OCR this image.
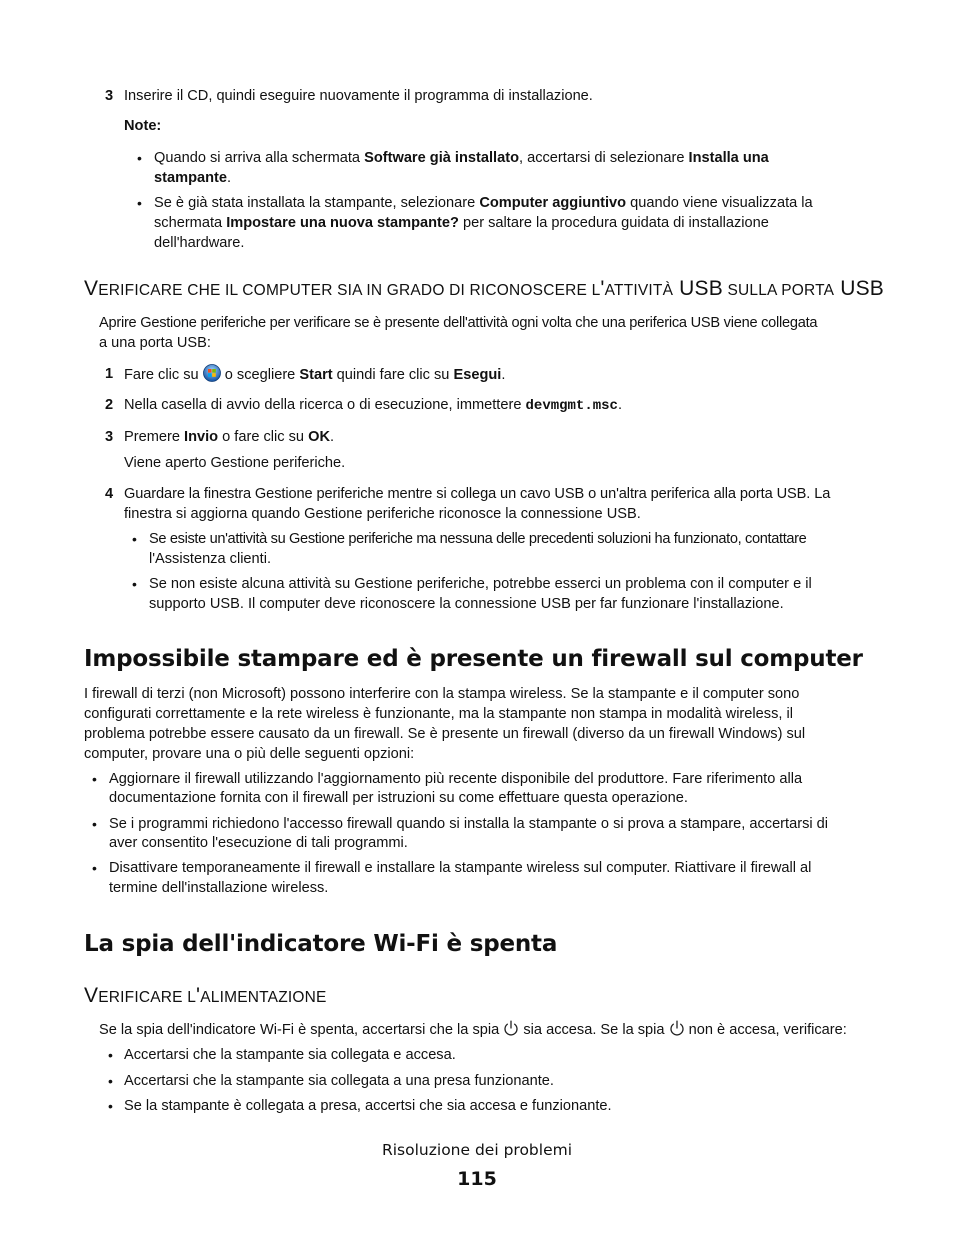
3 Inserire il CD, quindi eseguire nuovamente il programma di installazione.
Note:
• Quando si arriva alla schermata Software già installato, accertarsi di selezionare Installa una
stampante.
• Se è già stata installata la stampante, selezionare Computer aggiuntivo quando viene visualizzata la
schermata Impostare una nuova stampante? per saltare la procedura guidata di installazione
dell'hardware.
VERIFICARE CHE IL COMPUTER SIA IN GRADO DI RICONOSCERE L'ATTIVITÀ USB SULLA PORTA USB
Aprire Gestione periferiche per verificare se è presente dell'attività ogni volta che una periferica USB viene collegata
a una porta USB:
1 Fare clic su  o scegliere Start quindi fare clic su Esegui.
2 Nella casella di avvio della ricerca o di esecuzione, immettere devmgmt.msc.
3 Premere Invio o fare clic su OK.
Viene aperto Gestione periferiche.
4 Guardare la finestra Gestione periferiche mentre si collega un cavo USB o un'altra periferica alla porta USB. La
finestra si aggiorna quando Gestione periferiche riconosce la connessione USB.
• Se esiste un'attività su Gestione periferiche ma nessuna delle precedenti soluzioni ha funzionato, contattare
l'Assistenza clienti.
• Se non esiste alcuna attività su Gestione periferiche, potrebbe esserci un problema con il computer e il
supporto USB. Il computer deve riconoscere la connessione USB per far funzionare l'installazione.
Impossibile stampare ed è presente un firewall sul computer
I firewall di terzi (non Microsoft) possono interferire con la stampa wireless. Se la stampante e il computer sono
configurati correttamente e la rete wireless è funzionante, ma la stampante non stampa in modalità wireless, il
problema potrebbe essere causato da un firewall. Se è presente un firewall (diverso da un firewall Windows) sul
computer, provare una o più delle seguenti opzioni:
• Aggiornare il firewall utilizzando l'aggiornamento più recente disponibile del produttore. Fare riferimento alla
documentazione fornita con il firewall per istruzioni su come effettuare questa operazione.
• Se i programmi richiedono l'accesso firewall quando si installa la stampante o si prova a stampare, accertarsi di
aver consentito l'esecuzione di tali programmi.
• Disattivare temporaneamente il firewall e installare la stampante wireless sul computer. Riattivare il firewall al
termine dell'installazione wireless.
La spia dell'indicatore Wi-Fi è spenta
VERIFICARE L'ALIMENTAZIONE
Se la spia dell'indicatore Wi-Fi è spenta, accertarsi che la spia  sia accesa. Se la spia  non è accesa, verificare:
• Accertarsi che la stampante sia collegata e accesa.
• Accertarsi che la stampante sia collegata a una presa funzionante.
• Se la stampante è collegata a presa, accertsi che sia accesa e funzionante.
Risoluzione dei problemi
115
